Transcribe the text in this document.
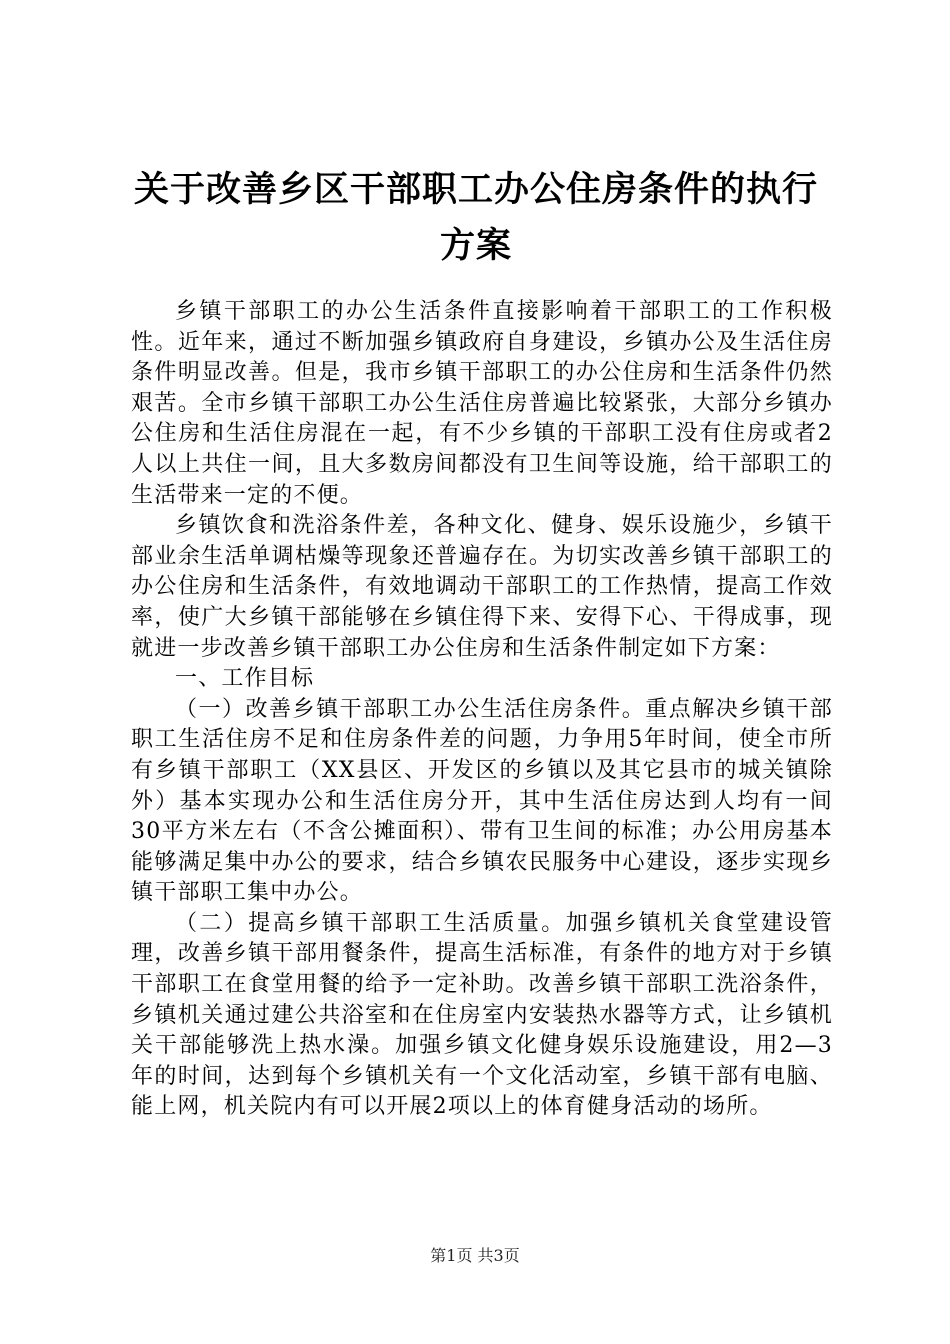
关于改善乡区干部职工办公住房条件的执行方案

乡镇干部职工的办公生活条件直接影响着干部职工的工作积极性。近年来，通过不断加强乡镇政府自身建设，乡镇办公及生活住房条件明显改善。但是，我市乡镇干部职工的办公住房和生活条件仍然艰苦。全市乡镇干部职工办公生活住房普遍比较紧张，大部分乡镇办公住房和生活住房混在一起，有不少乡镇的干部职工没有住房或者2人以上共住一间，且大多数房间都没有卫生间等设施，给干部职工的生活带来一定的不便。

乡镇饮食和洗浴条件差，各种文化、健身、娱乐设施少，乡镇干部业余生活单调枯燥等现象还普遍存在。为切实改善乡镇干部职工的办公住房和生活条件，有效地调动干部职工的工作热情，提高工作效率，使广大乡镇干部能够在乡镇住得下来、安得下心、干得成事，现就进一步改善乡镇干部职工办公住房和生活条件制定如下方案：

一、工作目标

（一）改善乡镇干部职工办公生活住房条件。重点解决乡镇干部职工生活住房不足和住房条件差的问题，力争用5年时间，使全市所有乡镇干部职工（XX县区、开发区的乡镇以及其它县市的城关镇除外）基本实现办公和生活住房分开，其中生活住房达到人均有一间30平方米左右（不含公摊面积）、带有卫生间的标准；办公用房基本能够满足集中办公的要求，结合乡镇农民服务中心建设，逐步实现乡镇干部职工集中办公。

（二）提高乡镇干部职工生活质量。加强乡镇机关食堂建设管理，改善乡镇干部用餐条件，提高生活标准，有条件的地方对于乡镇干部职工在食堂用餐的给予一定补助。改善乡镇干部职工洗浴条件，乡镇机关通过建公共浴室和在住房室内安装热水器等方式，让乡镇机关干部能够洗上热水澡。加强乡镇文化健身娱乐设施建设，用2—3年的时间，达到每个乡镇机关有一个文化活动室，乡镇干部有电脑、能上网，机关院内有可以开展2项以上的体育健身活动的场所。

第1页 共3页
